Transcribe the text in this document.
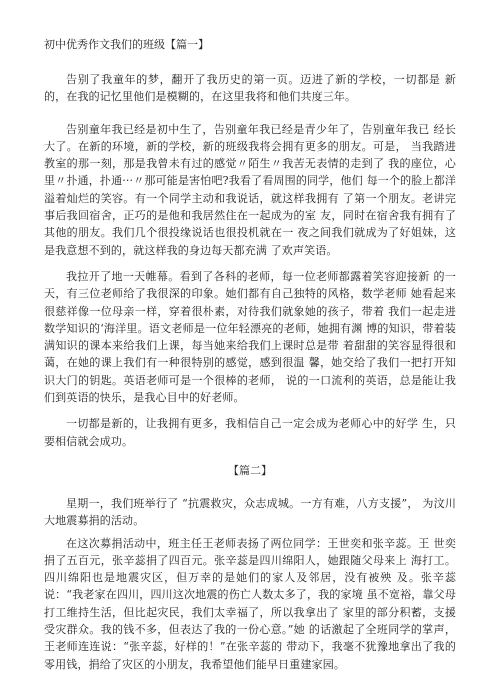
初中优秀作文我们的班级【篇一】

告别了我童年的梦，翻开了我历史的第一页。迈进了新的学校，一切都是 新的，在我的记忆里他们是模糊的，在这里我将和他们共度三年。

告别童年我已经是初中生了，告别童年我已经是青少年了，告别童年我已 经长大了。在新的环境，新的学校，新的班级我将会拥有更多的朋友。可是， 当我踏进教室的那一刻，那是我曾未有过的感觉〃陌生〃我苦无表情的走到了 我的座位，心里〃扑通，扑通···〃那可能是害怕吧?我看了看周围的同学，他们 每一个的脸上都洋溢着灿烂的笑容。有一个同学主动和我说话，就这样我拥有 了第一个朋友。老讲完事后我回宿舍，正巧的是他和我居然住在一起成为的室 友，同时在宿舍我有拥有了其他的朋友。我们几个很投缘说话也很投机就在一 夜之间我们就成为了好姐妹，这是我意想不到的，就这样我的身边每天都充满 了欢声笑语。

我拉开了地一天帷幕。看到了各科的老师，每一位老师都露着笑容迎接新 的一天，有三位老师给了我很深的印象。她们都有自己独特的风格，数学老师 她看起来很慈祥像一位母亲一样，穿着很朴素，对待我们就象她的孩子，带着 我们一起走进数学知识的‘海洋里。语文老师是一位年轻漂亮的老师，她拥有渊 博的知识，带着装满知识的课本来给我们上课，每当她来给我们上课时总是带 着甜甜的笑容显得很和蔼，在她的课上我们有一种很特别的感觉，感到很温 馨，她交给了我们一把打开知识大门的钥匙。英语老师可是一个很棒的老师， 说的一口流利的英语，总是能让我们到英语的快乐，是我心目中的好老师。

一切都是新的，让我拥有更多，我相信自己一定会成为老师心中的好学 生，只要相信就会成功。

【篇二】

星期一，我们班举行了 “抗震救灾，众志成城。一方有难，八方支援”， 为汶川大地震募捐的活动。

在这次募捐活动中，班主任王老师表扬了两位同学：王世奕和张辛蕊。王 世奕捐了五百元，张辛蕊捐了四百元。张辛蕊是四川绵阳人，她跟随父母来上 海打工。四川绵阳也是地震灾区，但万幸的是她们的家人及邻居，没有被殃 及。张辛蕊说：“我老家在四川，四川这次地震的伤亡人数太多了，我的家境 虽不宽裕，靠父母打工维持生活，但比起灾民，我们太幸福了，所以我拿出了 家里的部分积蓄，支援受灾群众。我的钱不多，但表达了我的一份心意。”她 的话激起了全班同学的掌声，王老师连连说：“张辛蕊，好样的！”在张辛蕊的 带动下，我毫不犹豫地拿出了我的零用钱，捐给了灾区的小朋友，我希望他们能早日重建家园。
